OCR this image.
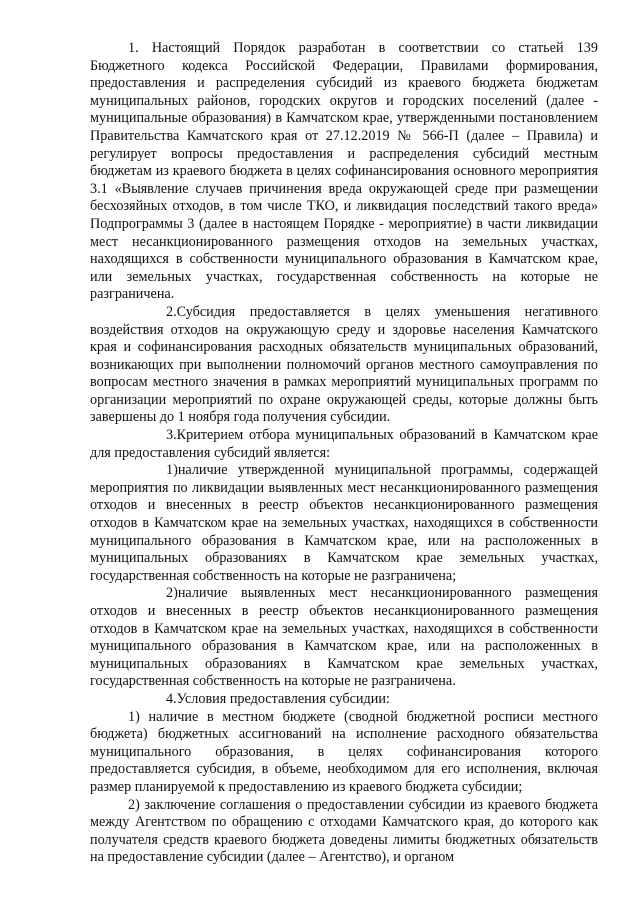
1. Настоящий Порядок разработан в соответствии со статьей 139 Бюджетного кодекса Российской Федерации, Правилами формирования, предоставления и распределения субсидий из краевого бюджета бюджетам муниципальных районов, городских округов и городских поселений (далее - муниципальные образования) в Камчатском крае, утвержденными постановлением Правительства Камчатского края от 27.12.2019 № 566-П (далее – Правила) и регулирует вопросы предоставления и распределения субсидий местным бюджетам из краевого бюджета в целях софинансирования основного мероприятия 3.1 «Выявление случаев причинения вреда окружающей среде при размещении бесхозяйных отходов, в том числе ТКО, и ликвидация последствий такого вреда» Подпрограммы 3 (далее в настоящем Порядке - мероприятие) в части ликвидации мест несанкционированного размещения отходов на земельных участках, находящихся в собственности муниципального образования в Камчатском крае, или земельных участках, государственная собственность на которые не разграничена.

2.Субсидия предоставляется в целях уменьшения негативного воздействия отходов на окружающую среду и здоровье населения Камчатского края и софинансирования расходных обязательств муниципальных образований, возникающих при выполнении полномочий органов местного самоуправления по вопросам местного значения в рамках мероприятий муниципальных программ по организации мероприятий по охране окружающей среды, которые должны быть завершены до 1 ноября года получения субсидии.

3.Критерием отбора муниципальных образований в Камчатском крае для предоставления субсидий является:

1)наличие утвержденной муниципальной программы, содержащей мероприятия по ликвидации выявленных мест несанкционированного размещения отходов и внесенных в реестр объектов несанкционированного размещения отходов в Камчатском крае на земельных участках, находящихся в собственности муниципального образования в Камчатском крае, или на расположенных в муниципальных образованиях в Камчатском крае земельных участках, государственная собственность на которые не разграничена;

2)наличие выявленных мест несанкционированного размещения отходов и внесенных в реестр объектов несанкционированного размещения отходов в Камчатском крае на земельных участках, находящихся в собственности муниципального образования в Камчатском крае, или на расположенных в муниципальных образованиях в Камчатском крае земельных участках, государственная собственность на которые не разграничена.

4.Условия предоставления субсидии:

1) наличие в местном бюджете (сводной бюджетной росписи местного бюджета) бюджетных ассигнований на исполнение расходного обязательства муниципального образования, в целях софинансирования которого предоставляется субсидия, в объеме, необходимом для его исполнения, включая размер планируемой к предоставлению из краевого бюджета субсидии;

2) заключение соглашения о предоставлении субсидии из краевого бюджета между Агентством по обращению с отходами Камчатского края, до которого как получателя средств краевого бюджета доведены лимиты бюджетных обязательств на предоставление субсидии (далее – Агентство), и органом
